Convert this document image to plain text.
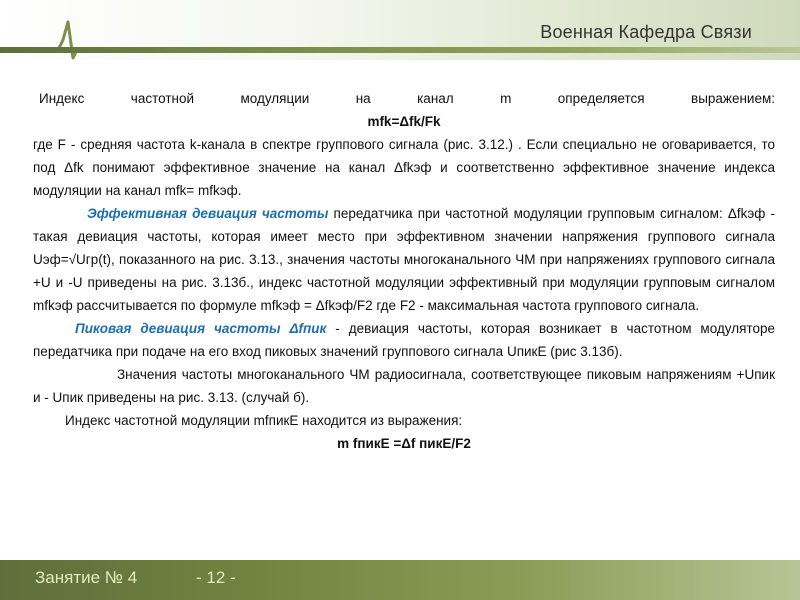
Военная Кафедра Связи

Индекс частотной модуляции на канал m определяется выражением:

mfk=Δfk/Fk

где F - средняя частота k-канала в спектре группового сигнала (рис. 3.12.) . Если специально не оговаривается, то под Δfk понимают эффективное значение на канал Δfkэф и соответственно эффективное значение индекса модуляции на канал mfk= mfkэф.

Эффективная девиация частоты передатчика при частотной модуляции групповым сигналом: Δfkэф - такая девиация частоты, которая имеет место при эффективном значении напряжения группового сигнала Uэф=√Uгр(t), показанного на рис. 3.13., значения частоты многоканального ЧМ при напряжениях группового сигнала +U и -U приведены на рис. 3.13б., индекс частотной модуляции эффективный при модуляции групповым сигналом mfkэф рассчитывается по формуле mfkэф = Δfkэф/F2 где F2 - максимальная частота группового сигнала.

Пиковая девиация частоты Δfпик - девиация частоты, которая возникает в частотном модуляторе передатчика при подаче на его вход пиковых значений группового сигнала UпикЕ (рис 3.13б).

Значения частоты многоканального ЧМ радиосигнала, соответствующее пиковым напряжениям +Uпик и - Uпик приведены на рис. 3.13. (случай б).

Индекс частотной модуляции mfпикЕ находится из выражения:

m fпикЕ =Δf пикЕ/F2

Занятие № 4	- 12 -
